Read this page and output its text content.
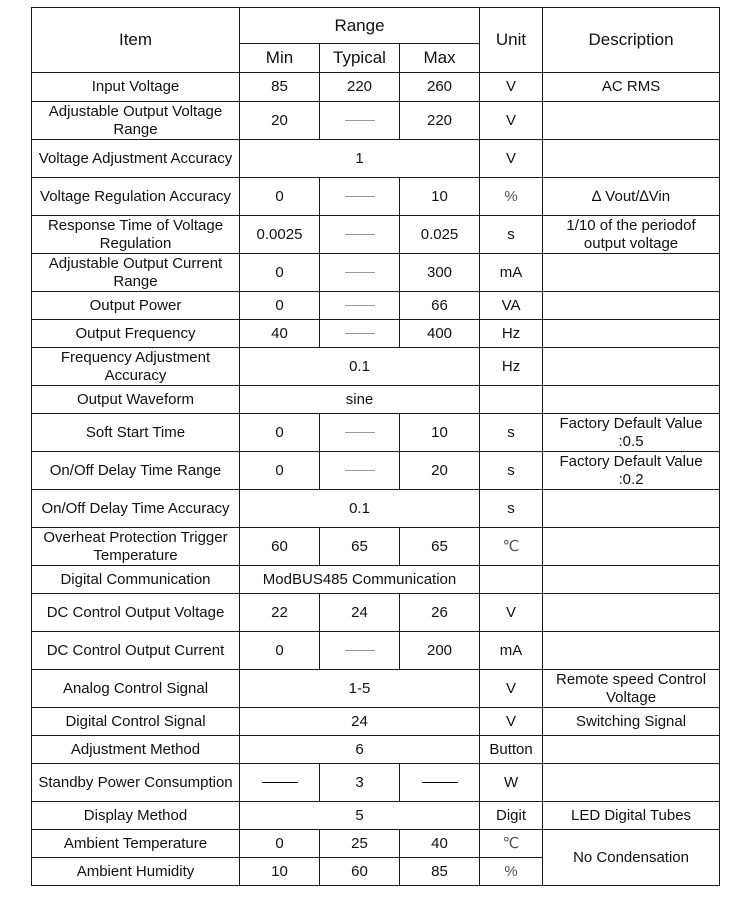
Item	Range			Unit	Description
	Min	Typical	Max		
Input Voltage	85	220	260	V	AC RMS
Adjustable Output Voltage Range	20		220	V	
Voltage Adjustment Accuracy	1			V	
Voltage Regulation Accuracy	0		10	%	∆ Vout/∆Vin
Response Time of Voltage Regulation	0.0025		0.025	s	1/10 of the periodof output voltage
Adjustable Output Current Range	0		300	mA	
Output Power	0		66	VA	
Output Frequency	40		400	Hz	
Frequency Adjustment Accuracy	0.1			Hz	
Output Waveform	sine				
Soft Start Time	0		10	s	Factory Default Value :0.5
On/Off Delay Time Range	0		20	s	Factory Default Value :0.2
On/Off Delay Time Accuracy	0.1			s	
Overheat Protection Trigger Temperature	60	65	65	℃	
Digital Communication	ModBUS485 Communication				
DC Control Output Voltage	22	24	26	V	
DC Control Output Current	0		200	mA	
Analog Control Signal	1-5			V	Remote speed Control Voltage
Digital Control Signal	24			V	Switching Signal
Adjustment Method	6			Button	
Standby Power Consumption		3		W	
Display Method	5			Digit	LED Digital Tubes
Ambient Temperature	0	25	40	℃	No Condensation
Ambient Humidity	10	60	85	%	
